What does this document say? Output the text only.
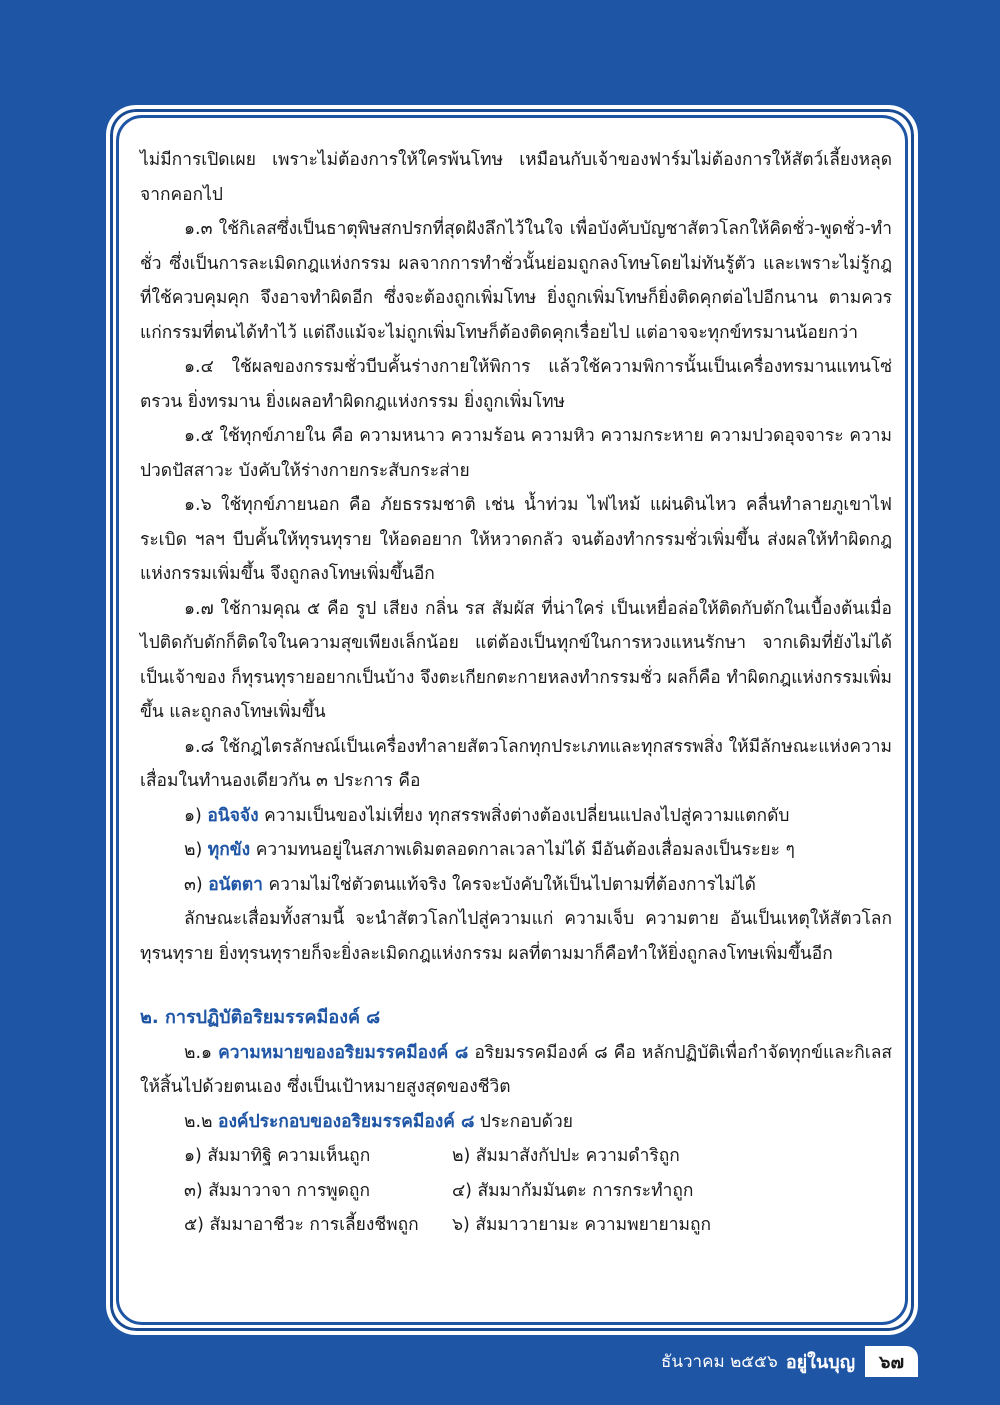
ไม่มีการเปิดเผย เพราะไม่ต้องการให้ใครพ้นโทษ เหมือนกับเจ้าของฟาร์มไม่ต้องการให้สัตว์เลี้ยงหลุดจากคอกไป

๑.๓ ใช้กิเลสซึ่งเป็นธาตุพิษสกปรกที่สุดฝังลึกไว้ในใจ เพื่อบังคับบัญชาสัตวโลกให้คิดชั่ว-พูดชั่ว-ทำชั่ว ซึ่งเป็นการละเมิดกฎแห่งกรรม ผลจากการทำชั่วนั้นย่อมถูกลงโทษโดยไม่ทันรู้ตัว และเพราะไม่รู้กฎที่ใช้ควบคุมคุก จึงอาจทำผิดอีก ซึ่งจะต้องถูกเพิ่มโทษ ยิ่งถูกเพิ่มโทษก็ยิ่งติดคุกต่อไปอีกนาน ตามควรแก่กรรมที่ตนได้ทำไว้ แต่ถึงแม้จะไม่ถูกเพิ่มโทษก็ต้องติดคุกเรื่อยไป แต่อาจจะทุกข์ทรมานน้อยกว่า

๑.๔ ใช้ผลของกรรมชั่วบีบคั้นร่างกายให้พิการ แล้วใช้ความพิการนั้นเป็นเครื่องทรมานแทนโซ่ตรวน ยิ่งทรมาน ยิ่งเผลอทำผิดกฎแห่งกรรม ยิ่งถูกเพิ่มโทษ

๑.๕ ใช้ทุกข์ภายใน คือ ความหนาว ความร้อน ความหิว ความกระหาย ความปวดอุจจาระ ความปวดปัสสาวะ บังคับให้ร่างกายกระสับกระส่าย

๑.๖ ใช้ทุกข์ภายนอก คือ ภัยธรรมชาติ เช่น น้ำท่วม ไฟไหม้ แผ่นดินไหว คลื่นทำลายภูเขาไฟระเบิด ฯลฯ บีบคั้นให้ทุรนทุราย ให้อดอยาก ให้หวาดกลัว จนต้องทำกรรมชั่วเพิ่มขึ้น ส่งผลให้ทำผิดกฎแห่งกรรมเพิ่มขึ้น จึงถูกลงโทษเพิ่มขึ้นอีก

๑.๗ ใช้กามคุณ ๕ คือ รูป เสียง กลิ่น รส สัมผัส ที่น่าใคร่ เป็นเหยื่อล่อให้ติดกับดักในเบื้องต้นเมื่อไปติดกับดักก็ติดใจในความสุขเพียงเล็กน้อย แต่ต้องเป็นทุกข์ในการหวงแหนรักษา จากเดิมที่ยังไม่ได้เป็นเจ้าของ ก็ทุรนทุรายอยากเป็นบ้าง จึงตะเกียกตะกายหลงทำกรรมชั่ว ผลก็คือ ทำผิดกฎแห่งกรรมเพิ่มขึ้น และถูกลงโทษเพิ่มขึ้น

๑.๘ ใช้กฎไตรลักษณ์เป็นเครื่องทำลายสัตวโลกทุกประเภทและทุกสรรพสิ่ง ให้มีลักษณะแห่งความเสื่อมในทำนองเดียวกัน ๓ ประการ คือ

๑) อนิจจัง ความเป็นของไม่เที่ยง ทุกสรรพสิ่งต่างต้องเปลี่ยนแปลงไปสู่ความแตกดับ

๒) ทุกขัง ความทนอยู่ในสภาพเดิมตลอดกาลเวลาไม่ได้ มีอันต้องเสื่อมลงเป็นระยะ ๆ

๓) อนัตตา ความไม่ใช่ตัวตนแท้จริง ใครจะบังคับให้เป็นไปตามที่ต้องการไม่ได้

ลักษณะเสื่อมทั้งสามนี้ จะนำสัตวโลกไปสู่ความแก่ ความเจ็บ ความตาย อันเป็นเหตุให้สัตวโลกทุรนทุราย ยิ่งทุรนทุรายก็จะยิ่งละเมิดกฎแห่งกรรม ผลที่ตามมาก็คือทำให้ยิ่งถูกลงโทษเพิ่มขึ้นอีก

๒. การปฏิบัติอริยมรรคมีองค์ ๘

๒.๑ ความหมายของอริยมรรคมีองค์ ๘ อริยมรรคมีองค์ ๘ คือ หลักปฏิบัติเพื่อกำจัดทุกข์และกิเลสให้สิ้นไปด้วยตนเอง ซึ่งเป็นเป้าหมายสูงสุดของชีวิต

๒.๒ องค์ประกอบของอริยมรรคมีองค์ ๘ ประกอบด้วย

๑) สัมมาทิฐิ ความเห็นถูก	๒) สัมมาสังกัปปะ ความดำริถูก
๓) สัมมาวาจา การพูดถูก	๔) สัมมากัมมันตะ การกระทำถูก
๕) สัมมาอาชีวะ การเลี้ยงชีพถูก	๖) สัมมาวายามะ ความพยายามถูก
ธันวาคม ๒๕๕๖ อยู่ในบุญ	๖๗
